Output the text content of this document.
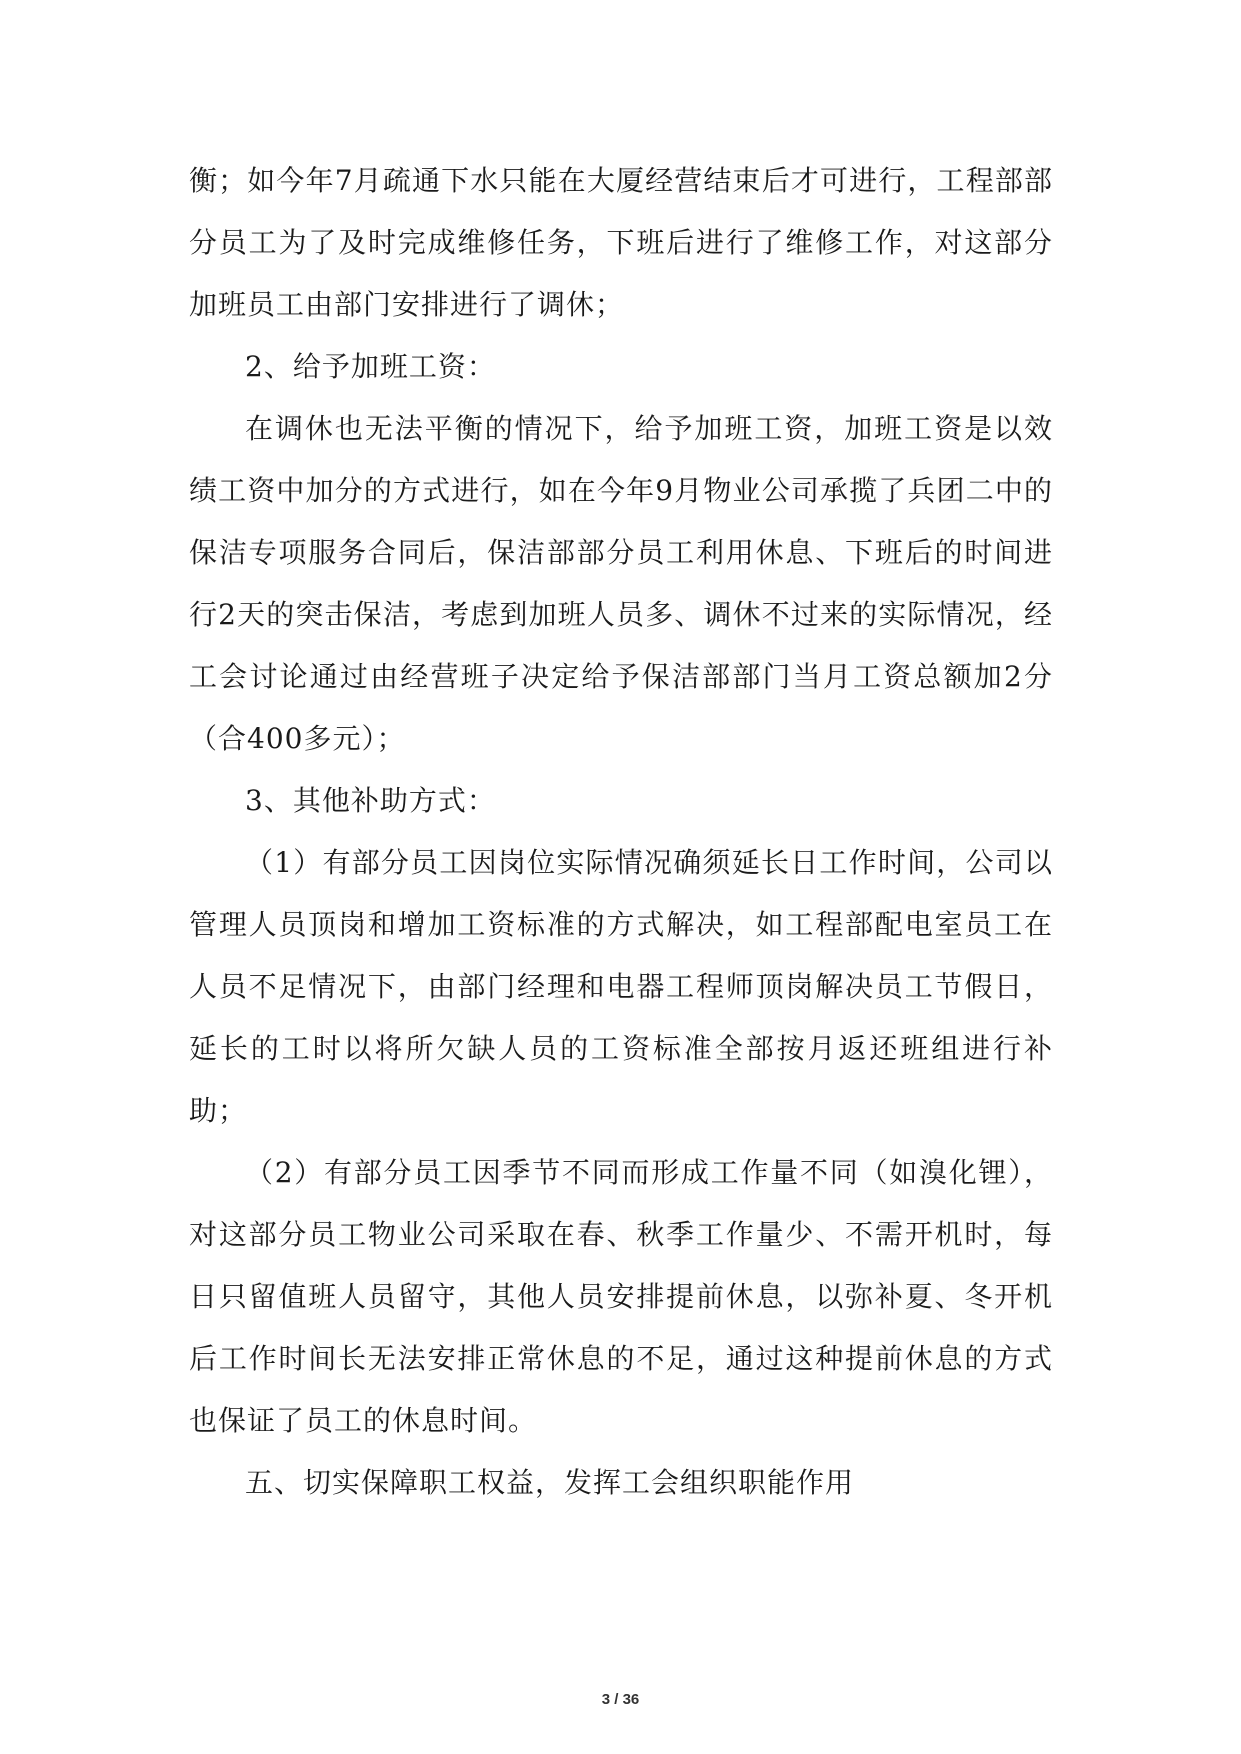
衡；如今年7月疏通下水只能在大厦经营结束后才可进行，工程部部分员工为了及时完成维修任务，下班后进行了维修工作，对这部分加班员工由部门安排进行了调休；

2、给予加班工资：

在调休也无法平衡的情况下，给予加班工资，加班工资是以效绩工资中加分的方式进行，如在今年9月物业公司承揽了兵团二中的保洁专项服务合同后，保洁部部分员工利用休息、下班后的时间进行2天的突击保洁，考虑到加班人员多、调休不过来的实际情况，经工会讨论通过由经营班子决定给予保洁部部门当月工资总额加2分（合400多元）；

3、其他补助方式：

（1）有部分员工因岗位实际情况确须延长日工作时间，公司以管理人员顶岗和增加工资标准的方式解决，如工程部配电室员工在人员不足情况下，由部门经理和电器工程师顶岗解决员工节假日，延长的工时以将所欠缺人员的工资标准全部按月返还班组进行补助；

（2）有部分员工因季节不同而形成工作量不同（如溴化锂），对这部分员工物业公司采取在春、秋季工作量少、不需开机时，每日只留值班人员留守，其他人员安排提前休息，以弥补夏、冬开机后工作时间长无法安排正常休息的不足，通过这种提前休息的方式也保证了员工的休息时间。

五、切实保障职工权益，发挥工会组织职能作用

3 / 36
